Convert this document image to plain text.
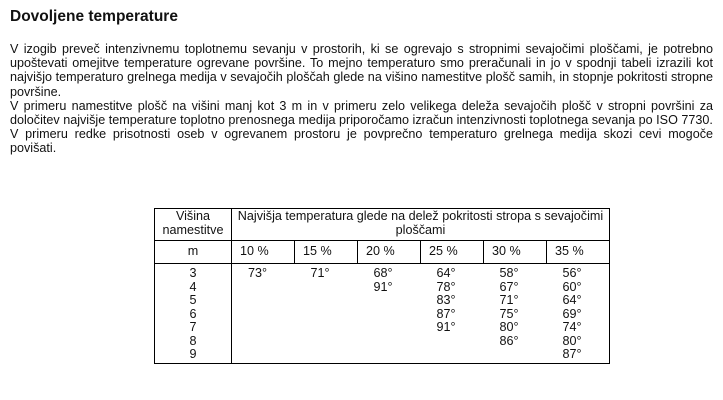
Dovoljene temperature

V izogib preveč intenzivnemu toplotnemu sevanju v prostorih, ki se ogrevajo s stropnimi sevajočimi ploščami, je potrebno upoštevati omejitve temperature ogrevane površine. To mejno temperaturo smo preračunali in jo v spodnji tabeli izrazili kot najvišjo temperaturo grelnega medija v sevajočih ploščah glede na višino namestitve plošč samih, in stopnje pokritosti stropne površine.

V primeru namestitve plošč na višini manj kot 3 m in v primeru zelo velikega deleža sevajočih plošč v stropni površini za določitev najvišje temperature toplotno prenosnega medija priporočamo izračun intenzivnosti toplotnega sevanja po ISO 7730.

V primeru redke prisotnosti oseb v ogrevanem prostoru je povprečno temperaturo grelnega medija skozi cevi mogoče povišati.

Višina namestitve	Najvišja temperatura glede na delež pokritosti stropa s sevajočimi ploščami					
m	10 %	15 %	20 %	25 %	30 %	35 %
3	73°	71°	68°	64°	58°	56°
4			91°	78°	67°	60°
5				83°	71°	64°
6				87°	75°	69°
7				91°	80°	74°
8					86°	80°
9						87°
